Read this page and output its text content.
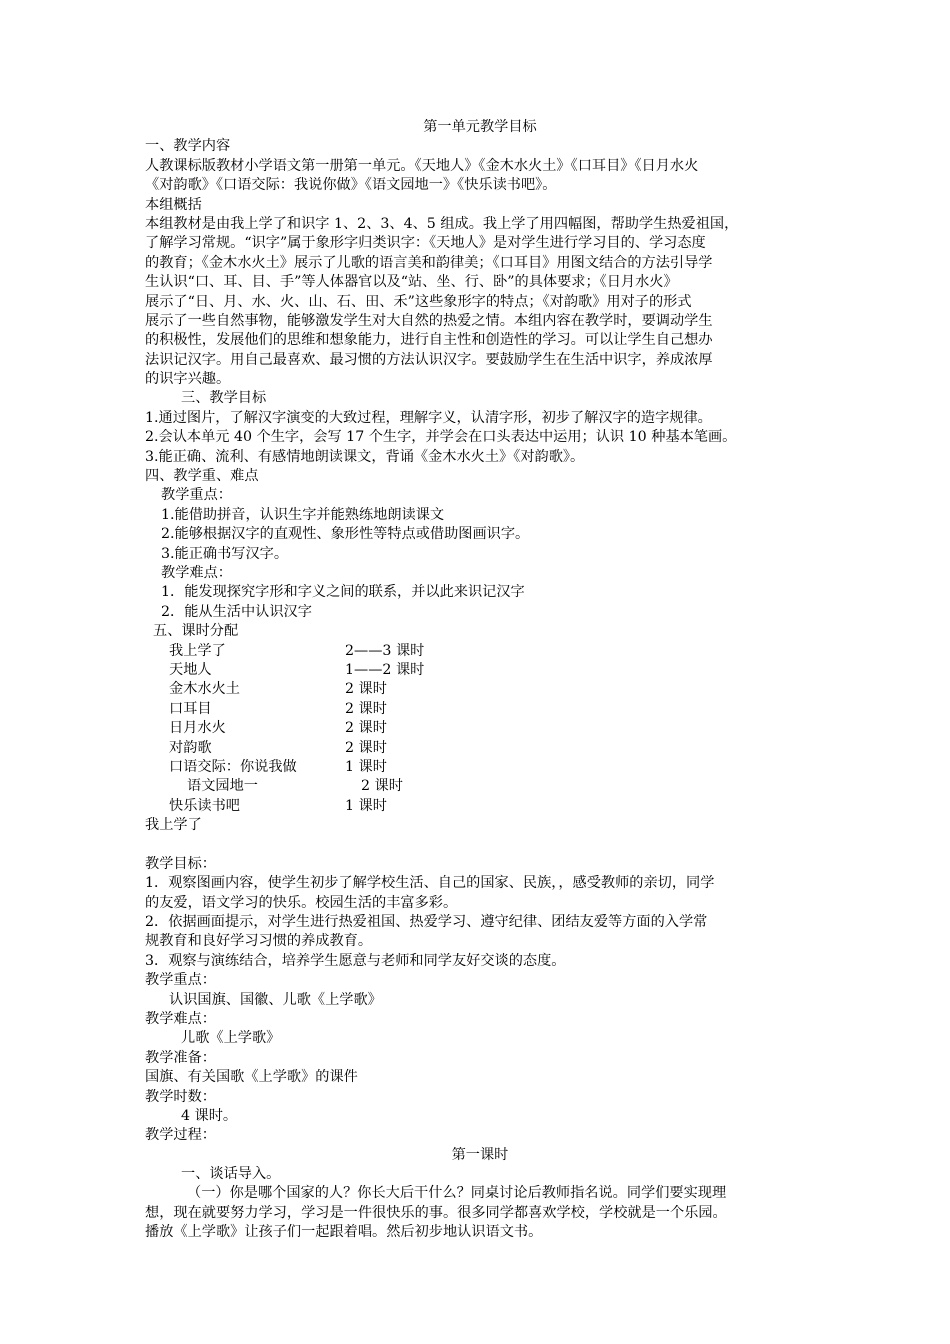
第一单元教学目标
一、教学内容
人教课标版教材小学语文第一册第一单元。《天地人》《金木水火土》《口耳目》《日月水火
《对韵歌》《口语交际：我说你做》《语文园地一》《快乐读书吧》。
本组概括
本组教材是由我上学了和识字 1、2、3、4、5 组成。我上学了用四幅图，帮助学生热爱祖国，
了解学习常规。“识字”属于象形字归类识字：《天地人》是对学生进行学习目的、学习态度
的教育；《金木水火土》展示了儿歌的语言美和韵律美；《口耳目》用图文结合的方法引导学
生认识“口、耳、目、手”等人体器官以及“站、坐、行、卧”的具体要求；《日月水火》
展示了“日、月、水、火、山、石、田、禾”这些象形字的特点；《对韵歌》用对子的形式
展示了一些自然事物，能够激发学生对大自然的热爱之情。本组内容在教学时，要调动学生
的积极性，发展他们的思维和想象能力，进行自主性和创造性的学习。可以让学生自己想办
法识记汉字。用自己最喜欢、最习惯的方法认识汉字。要鼓励学生在生活中识字，养成浓厚
的识字兴趣。
三、教学目标
1.通过图片，了解汉字演变的大致过程，理解字义，认清字形，初步了解汉字的造字规律。
2.会认本单元 40 个生字，会写 17 个生字，并学会在口头表达中运用；认识 10 种基本笔画。
3.能正确、流利、有感情地朗读课文，背诵《金木水火土》《对韵歌》。
四、教学重、难点
教学重点：
1.能借助拼音，认识生字并能熟练地朗读课文
2.能够根据汉字的直观性、象形性等特点或借助图画识字。
3.能正确书写汉字。
教学难点：
1．能发现探究字形和字义之间的联系，并以此来识记汉字
2．能从生活中认识汉字
五、课时分配
我上学了	2——3 课时
天地人	1——2 课时
金木水火土	2 课时
口耳目	2 课时
日月水火	2 课时
对韵歌	2 课时
口语交际：你说我做	1 课时
语文园地一	2 课时
快乐读书吧	1 课时
我上学了
教学目标：
1．观察图画内容，使学生初步了解学校生活、自己的国家、民族，，感受教师的亲切，同学
的友爱，语文学习的快乐。校园生活的丰富多彩。
2．依据画面提示，对学生进行热爱祖国、热爱学习、遵守纪律、团结友爱等方面的入学常
规教育和良好学习习惯的养成教育。
3．观察与演练结合，培养学生愿意与老师和同学友好交谈的态度。
教学重点：
认识国旗、国徽、儿歌《上学歌》
教学难点：
儿歌《上学歌》
教学准备：
国旗、有关国歌《上学歌》的课件
教学时数：
4 课时。
教学过程：
第一课时
一、谈话导入。
（一）你是哪个国家的人？你长大后干什么？同桌讨论后教师指名说。同学们要实现理
想，现在就要努力学习，学习是一件很快乐的事。很多同学都喜欢学校，学校就是一个乐园。
播放《上学歌》让孩子们一起跟着唱。然后初步地认识语文书。
